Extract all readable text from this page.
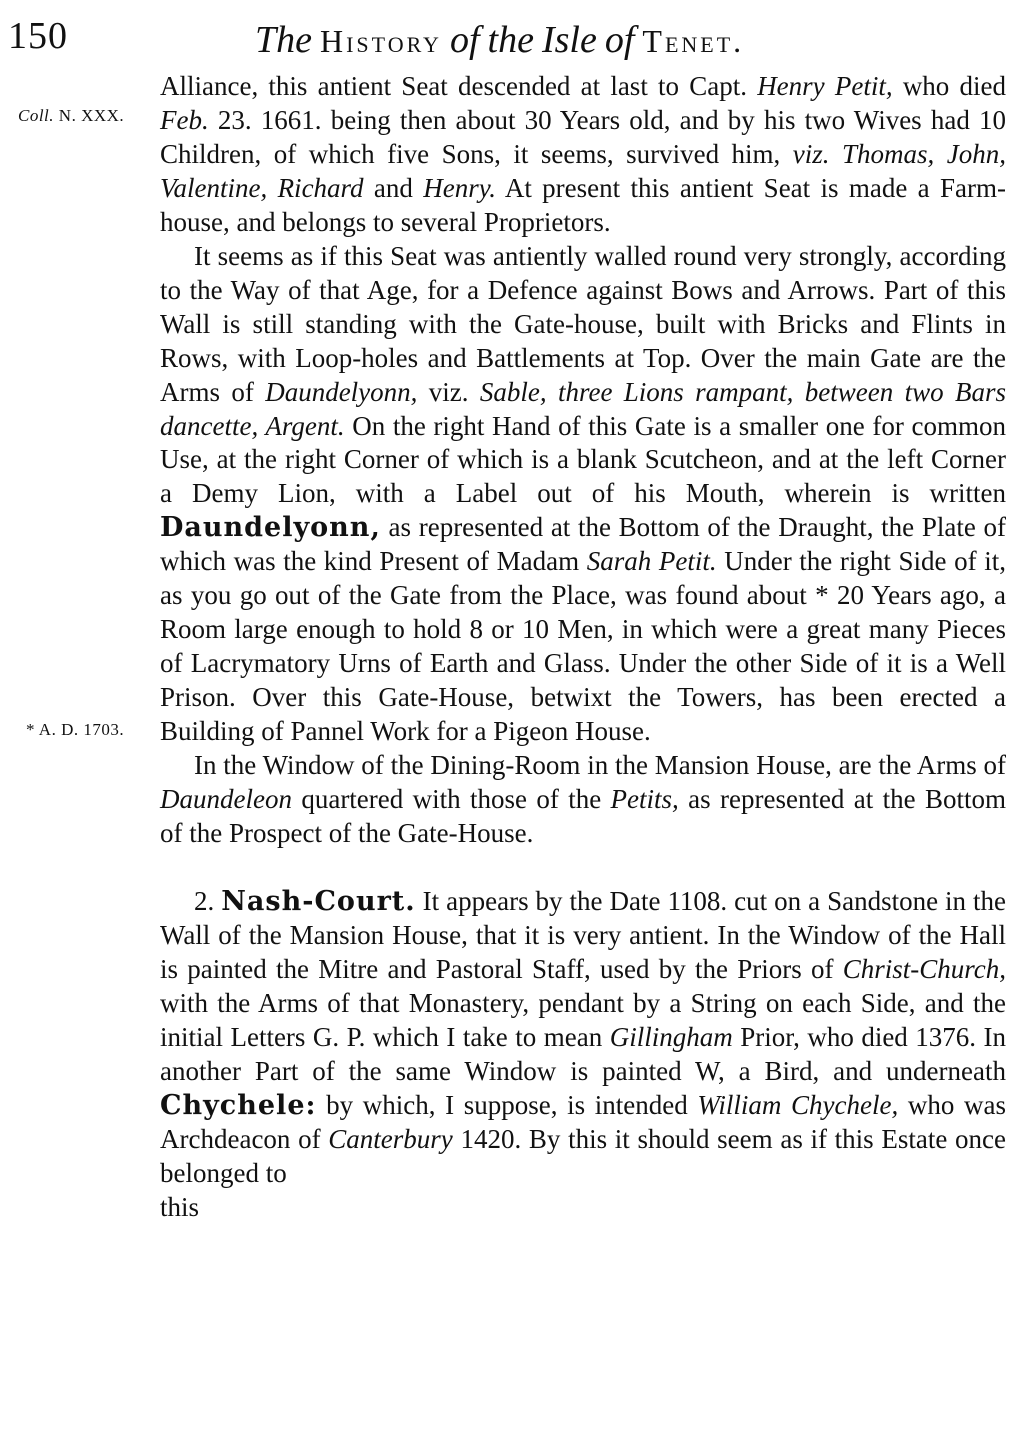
150	The History of the Isle of Tenet.
Coll. N. XXX.
* A. D. 1703.

Alliance, this antient Seat descended at last to Capt. Henry Petit, who died Feb. 23. 1661. being then about 30 Years old, and by his two Wives had 10 Children, of which five Sons, it seems, survived him, viz. Thomas, John, Valentine, Richard and Henry. At present this antient Seat is made a Farm-house, and belongs to several Proprietors.

It seems as if this Seat was antiently walled round very strongly, according to the Way of that Age, for a Defence against Bows and Arrows. Part of this Wall is still standing with the Gate-house, built with Bricks and Flints in Rows, with Loop-holes and Battlements at Top. Over the main Gate are the Arms of Daundelyonn, viz. Sable, three Lions rampant, between two Bars dancette, Argent. On the right Hand of this Gate is a smaller one for common Use, at the right Corner of which is a blank Scutcheon, and at the left Corner a Demy Lion, with a Label out of his Mouth, wherein is written Daundelyonn, as represented at the Bottom of the Draught, the Plate of which was the kind Present of Madam Sarah Petit. Under the right Side of it, as you go out of the Gate from the Place, was found about * 20 Years ago, a Room large enough to hold 8 or 10 Men, in which were a great many Pieces of Lacrymatory Urns of Earth and Glass. Under the other Side of it is a Well Prison. Over this Gate-House, betwixt the Towers, has been erected a Building of Pannel Work for a Pigeon House.

In the Window of the Dining-Room in the Mansion House, are the Arms of Daundeleon quartered with those of the Petits, as represented at the Bottom of the Prospect of the Gate-House.

2. Nash-Court. It appears by the Date 1108. cut on a Sandstone in the Wall of the Mansion House, that it is very antient. In the Window of the Hall is painted the Mitre and Pastoral Staff, used by the Priors of Christ-Church, with the Arms of that Monastery, pendant by a String on each Side, and the initial Letters G. P. which I take to mean Gillingham Prior, who died 1376. In another Part of the same Window is painted W, a Bird, and underneath Chychele: by which, I suppose, is intended William Chychele, who was Archdeacon of Canterbury 1420. By this it should seem as if this Estate once belonged to

this
